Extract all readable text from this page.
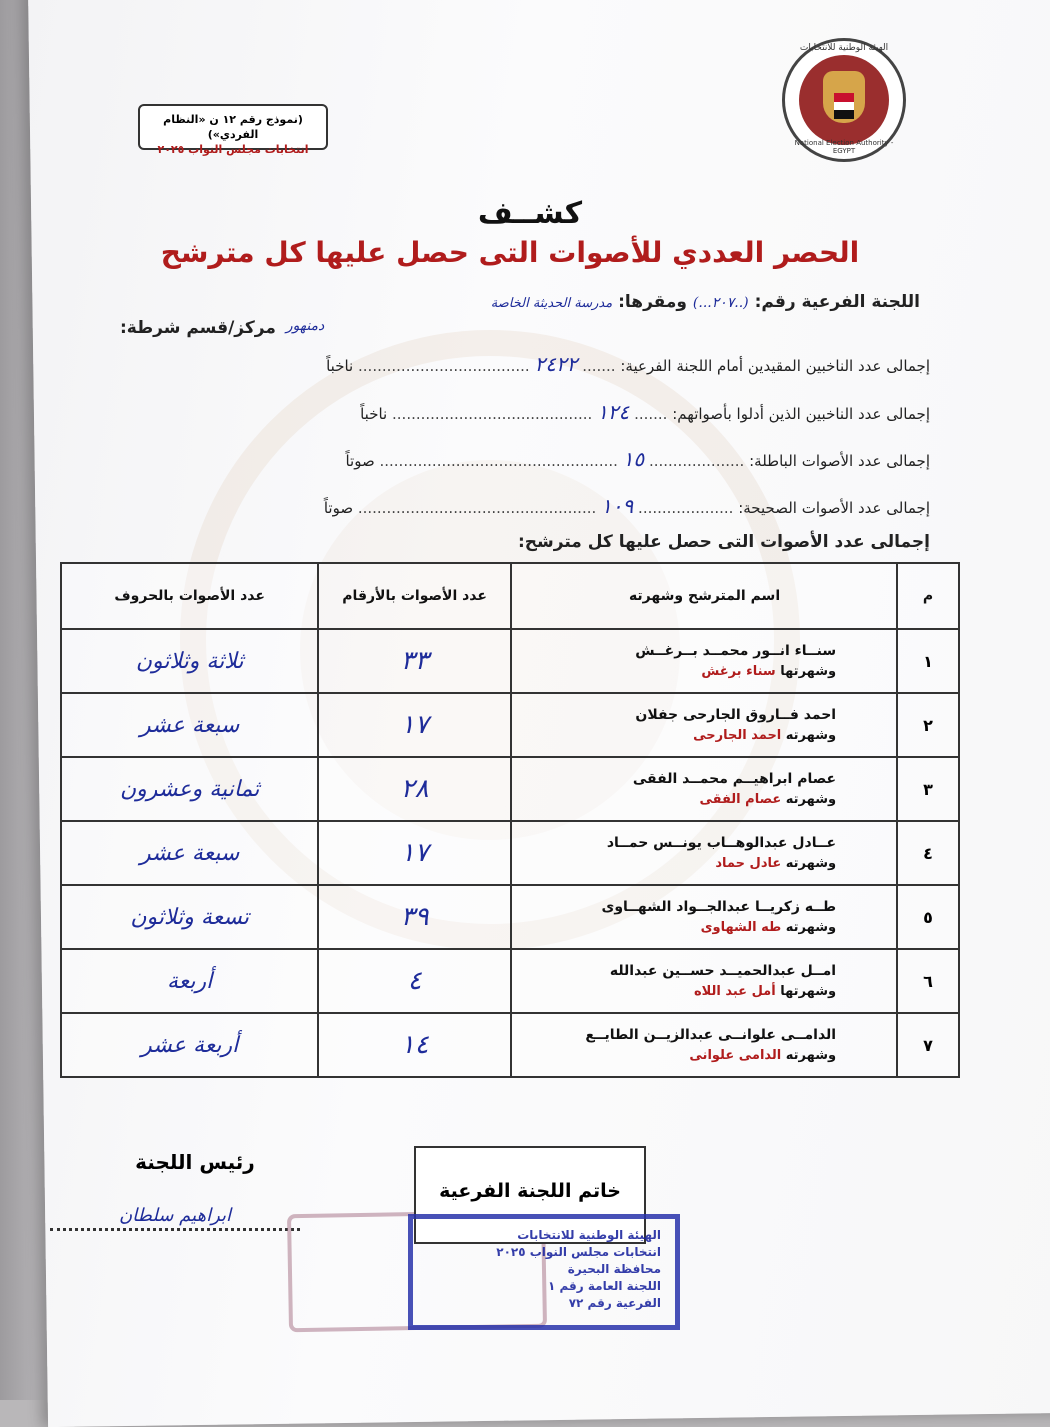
الهيئة الوطنية للانتخابات
National Election Authority - EGYPT
(نموذج رقم ١٢ ن «النظام الفردي»)
انتخابات مجلس النواب ٢٠٢٥
كشــف
الحصر العددي للأصوات التى حصل عليها كل مترشح
اللجنة الفرعية رقم: (..٢٠٧...) ومقرها: مدرسة الحديثة الخاصة
مركز/قسم شرطة: دمنهور
إجمالى عدد الناخبين المقيدين أمام اللجنة الفرعية: ....... ٢٤٢٢ .................................... ناخباً
إجمالى عدد الناخبين الذين أدلوا بأصواتهم: ....... ١٢٤ .......................................... ناخباً
إجمالى عدد الأصوات الباطلة: .................... ١٥ .................................................. صوتاً
إجمالى عدد الأصوات الصحيحة: .................... ١٠٩ .................................................. صوتاً
إجمالى عدد الأصوات التى حصل عليها كل مترشح:
م	اسم المترشح وشهرته	عدد الأصوات بالأرقام	عدد الأصوات بالحروف
١	سنــاء انــور محمــد بــرغــش
وشهرتها سناء برغش	٣٣	ثلاثة وثلاثون
٢	احمد فــاروق الجارحى جفلان
وشهرته احمد الجارحى	١٧	سبعة عشر
٣	عصام ابراهيــم محمــد الفقى
وشهرته عصام الفقى	٢٨	ثمانية وعشرون
٤	عــادل عبدالوهــاب يونــس حمــاد
وشهرته عادل حماد	١٧	سبعة عشر
٥	طــه زكريــا عبدالجــواد الشهــاوى
وشهرته طه الشهاوى	٣٩	تسعة وثلاثون
٦	امــل عبدالحميــد حســين عبدالله
وشهرتها أمل عبد اللاه	٤	أربعة
٧	الدامــى علوانــى عبدالزيــن الطايــع
وشهرته الدامى علوانى	١٤	أربعة عشر
رئيس اللجنة
ابراهيم سلطان
خاتم اللجنة الفرعية
الهيئة الوطنية للانتخابات
انتخابات مجلس النواب ٢٠٢٥
محافظة البحيرة
اللجنة العامة رقم ١
الفرعية رقم ٧٢
